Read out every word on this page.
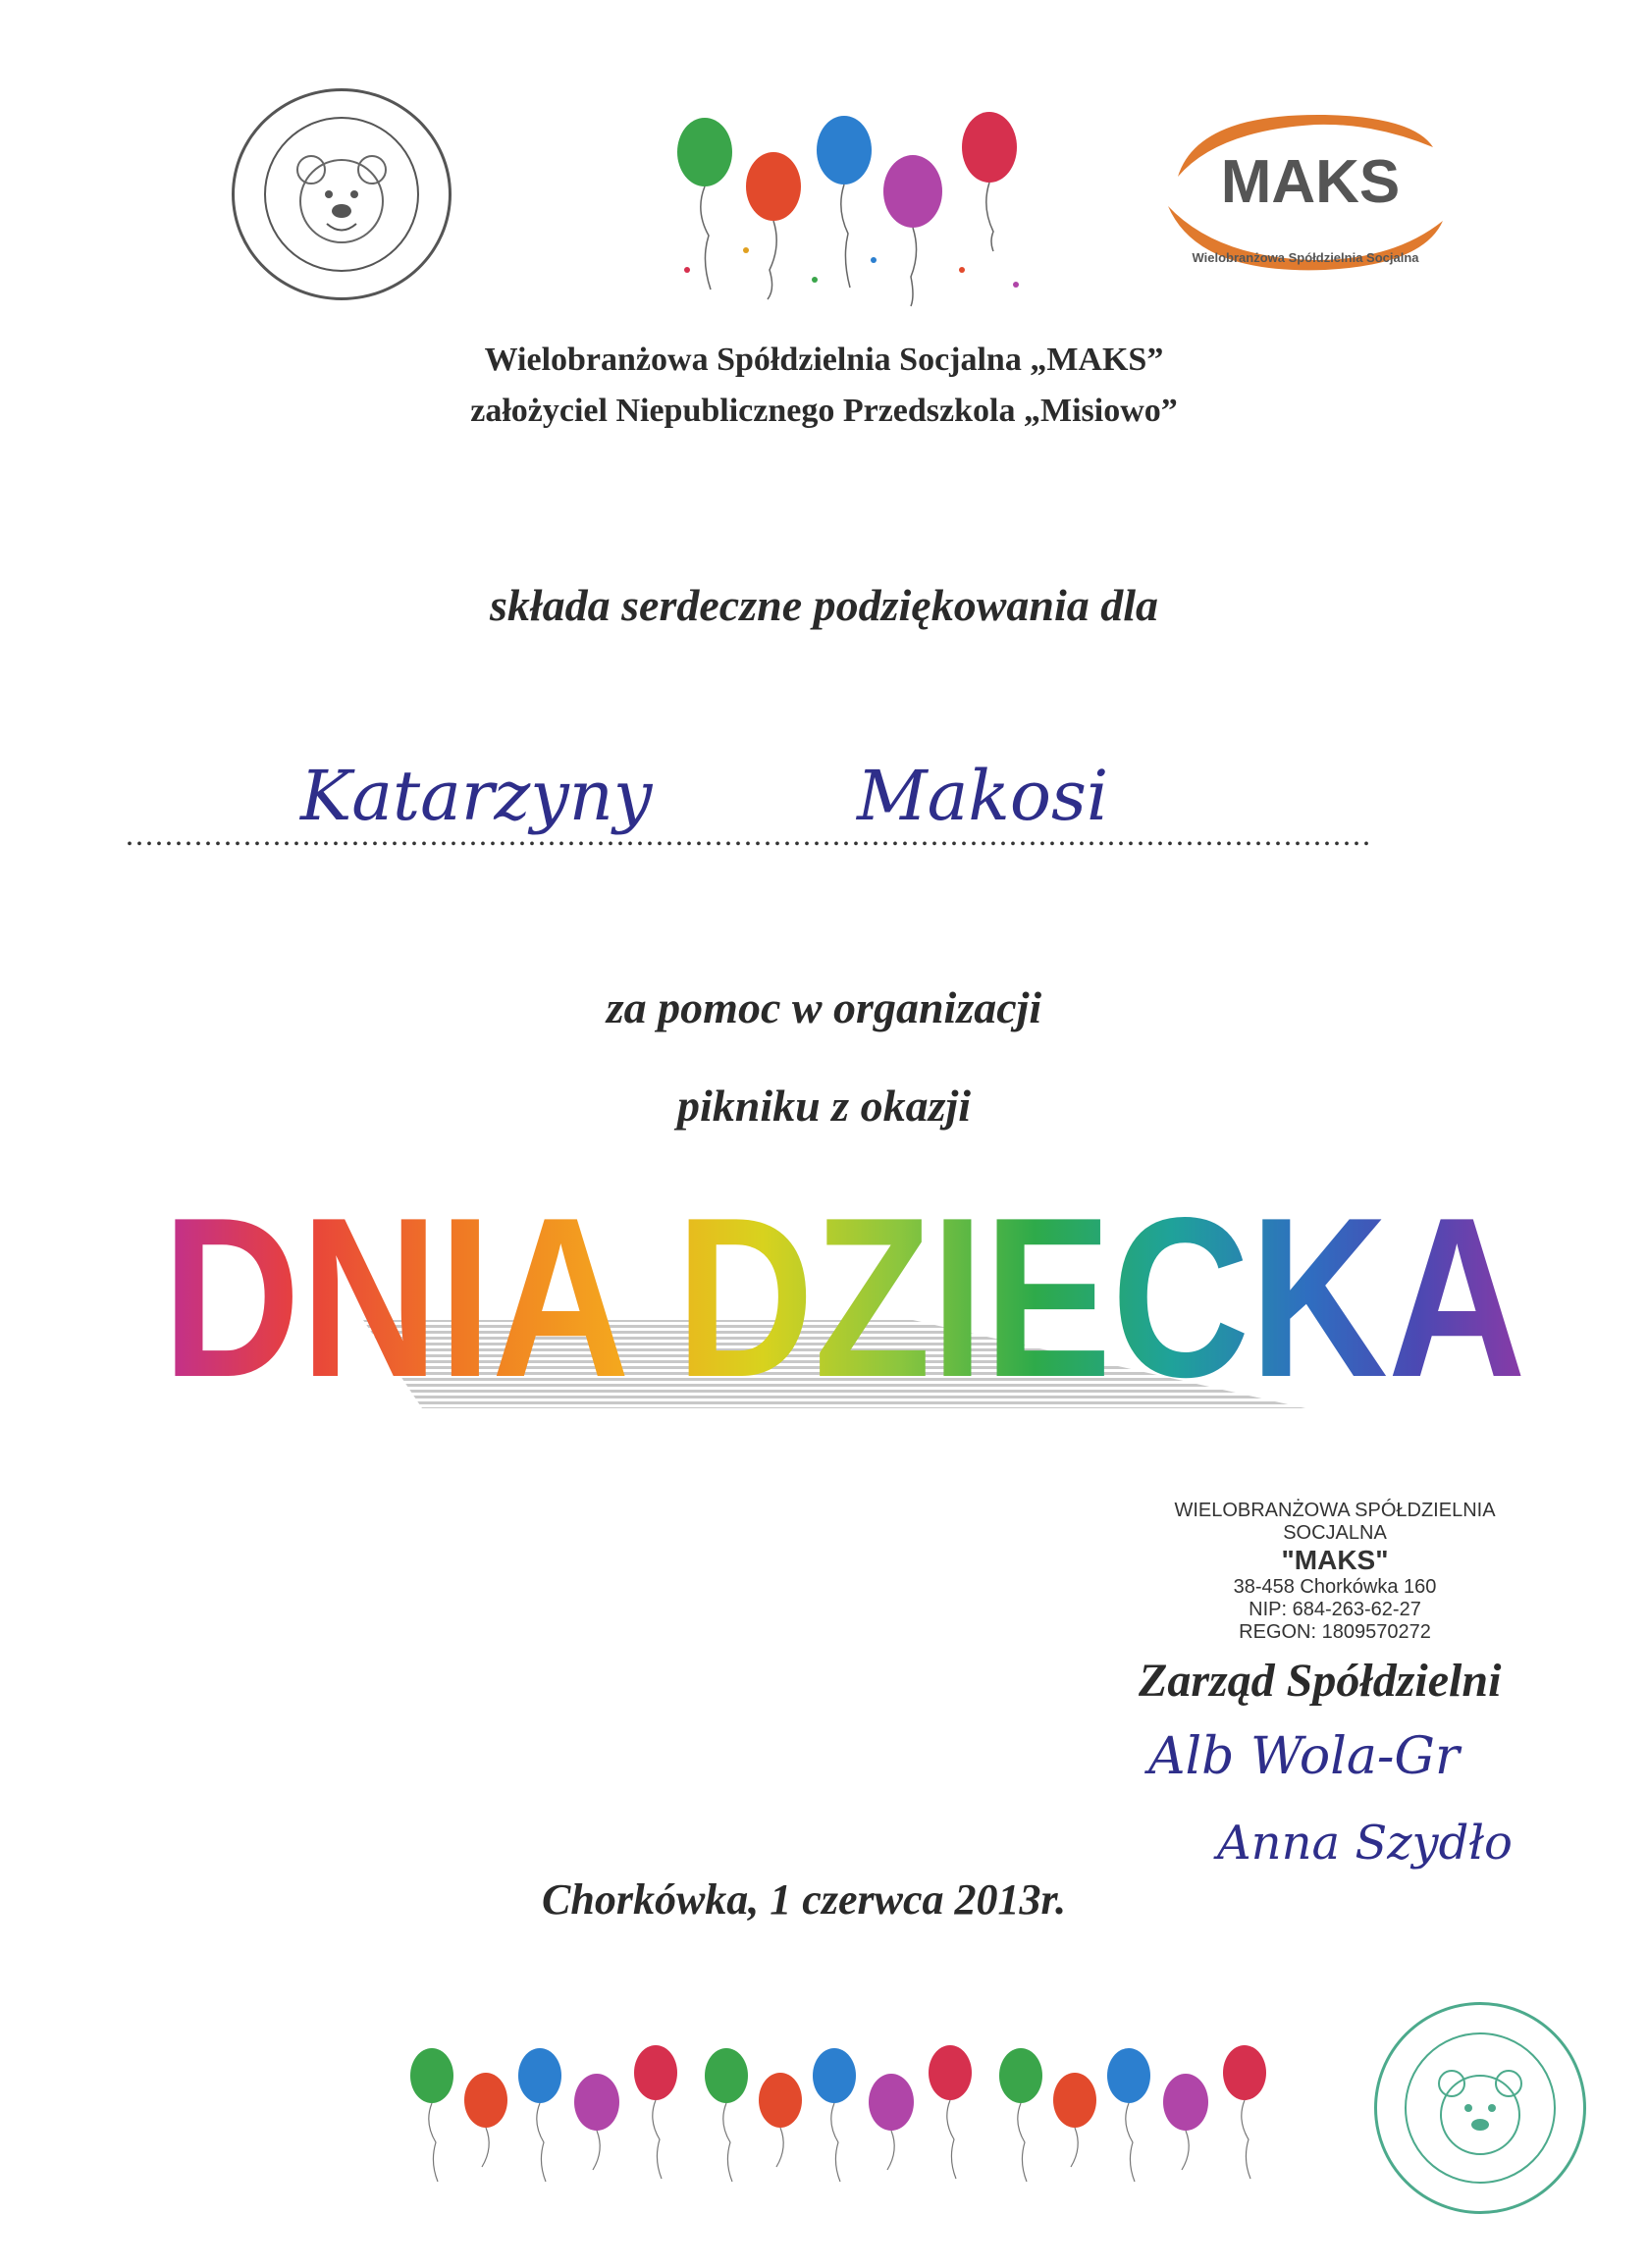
MAKS
Wielobranżowa Spółdzielnia Socjalna
Wielobranżowa Spółdzielnia Socjalna „MAKS”
założyciel Niepublicznego Przedszkola „Misiowo”
składa serdeczne podziękowania dla
...............................................................................................................................
Katarzyny	Makosi
za pomoc w organizacji
pikniku z okazji
DNIA DZIECKA
WIELOBRANŻOWA SPÓŁDZIELNIA SOCJALNA
"MAKS"
38-458 Chorkówka 160
NIP: 684-263-62-27
REGON: 1809570272
Zarząd Spółdzielni
Alb Wola-Gr
Anna Szydło
Chorkówka, 1 czerwca 2013r.
